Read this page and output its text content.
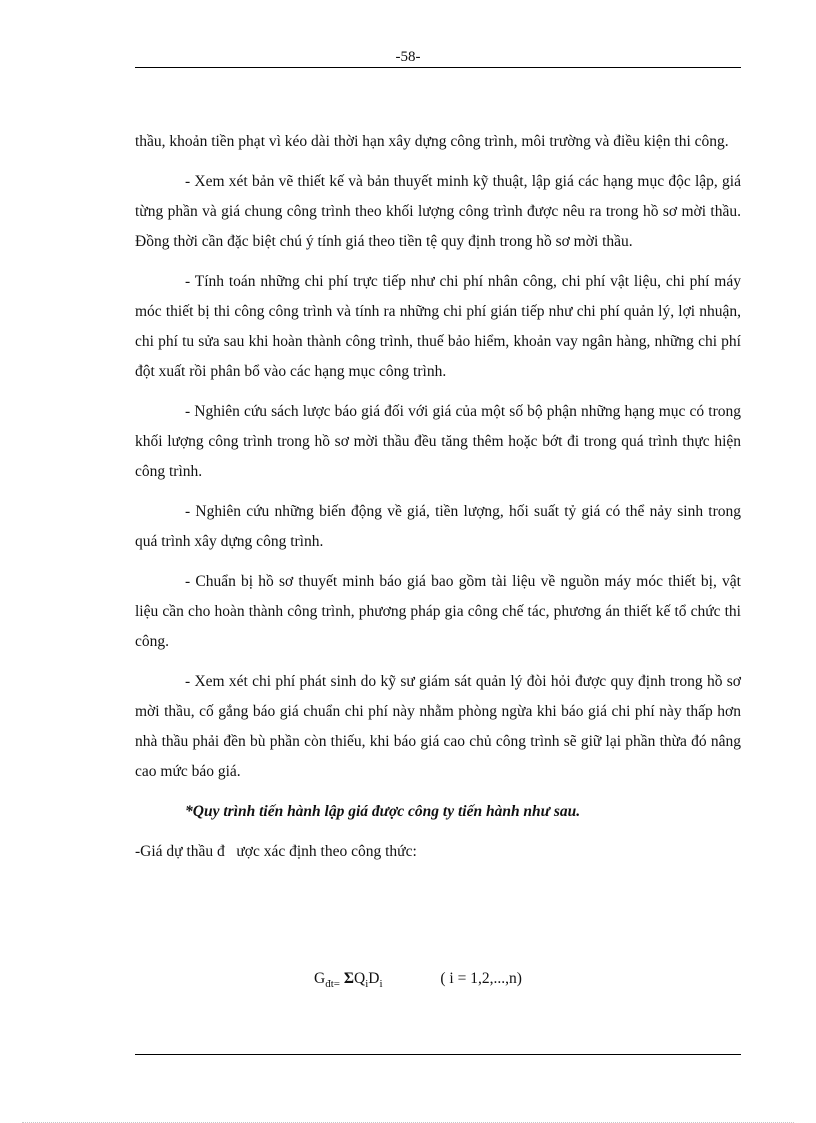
-58-

thầu, khoản tiền phạt vì kéo dài thời hạn xây dựng công trình, môi trường và điều kiện thi công.

- Xem xét bản vẽ thiết kế và bản thuyết minh kỹ thuật, lập giá các hạng mục độc lập, giá từng phần và giá chung công trình theo khối lượng công trình được nêu ra trong hồ sơ mời thầu. Đồng thời cần đặc biệt chú ý tính giá theo tiền tệ quy định trong hồ sơ mời thầu.

- Tính toán những chi phí trực tiếp như chi phí nhân công, chi phí vật liệu, chi phí máy móc thiết bị thi công công trình và tính ra những chi phí gián tiếp như chi phí quản lý, lợi nhuận, chi phí tu sửa sau khi hoàn thành công trình, thuế bảo hiểm, khoản vay ngân hàng, những chi phí đột xuất rồi phân bổ vào các hạng mục công trình.

- Nghiên cứu sách lược báo giá đối với giá của một số bộ phận những hạng mục có trong khối lượng công trình trong hồ sơ mời thầu đều tăng thêm hoặc bớt đi trong quá trình thực hiện công trình.

- Nghiên cứu những biến động về giá, tiền lượng, hối suất tỷ giá có thể nảy sinh trong quá trình xây dựng công trình.

- Chuẩn bị hồ sơ thuyết minh báo giá bao gồm tài liệu về nguồn máy móc thiết bị, vật liệu cần cho hoàn thành công trình, phương pháp gia công chế tác, phương án thiết kế tổ chức thi công.

- Xem xét chi phí phát sinh do kỹ sư giám sát quản lý đòi hỏi được quy định trong hồ sơ mời thầu, cố gắng báo giá chuẩn chi phí này nhằm phòng ngừa khi báo giá chi phí này thấp hơn nhà thầu phải đền bù phần còn thiếu, khi báo giá cao chủ công trình sẽ giữ lại phần thừa đó nâng cao mức báo giá.

*Quy trình tiến hành lập giá được công ty tiến hành như sau.

-Giá dự thầu đ   ược xác định theo công thức:

$G_{đt=}$ $\Sigma Q_iD_i$	( i = 1,2,...,n)
